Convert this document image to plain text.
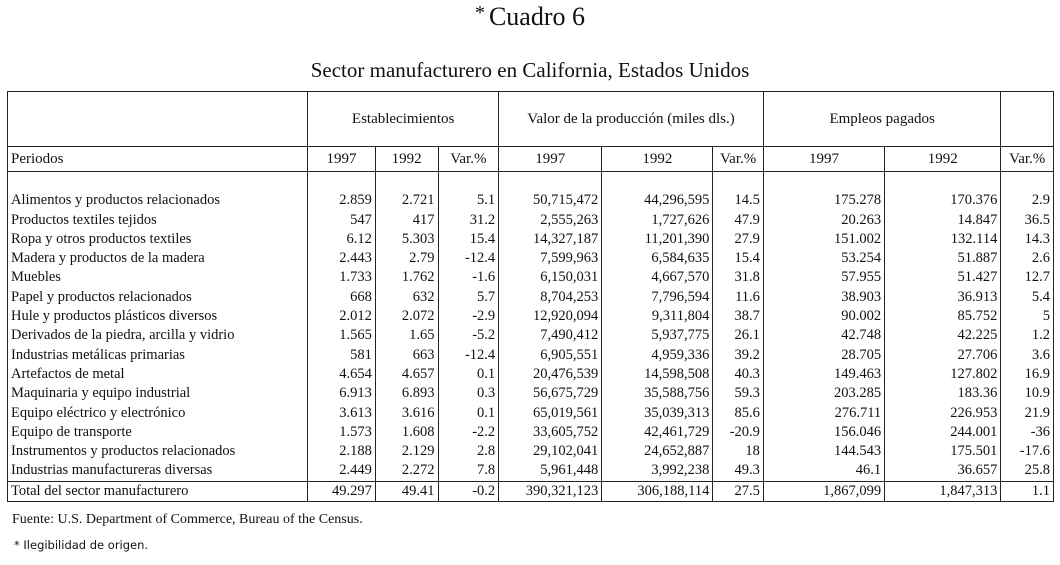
* Cuadro 6
Sector manufacturero en California, Estados Unidos
	Establecimientos			Valor de la producción (miles dls.)			Empleos pagados		
Periodos	1997	1992	Var.%	1997	1992	Var.%	1997	1992	Var.%

Alimentos y productos relacionados	2.859	2.721	5.1	50,715,472	44,296,595	14.5	175.278	170.376	2.9
Productos textiles tejidos	547	417	31.2	2,555,263	1,727,626	47.9	20.263	14.847	36.5
Ropa y otros productos textiles	6.12	5.303	15.4	14,327,187	11,201,390	27.9	151.002	132.114	14.3
Madera y productos de la madera	2.443	2.79	-12.4	7,599,963	6,584,635	15.4	53.254	51.887	2.6
Muebles	1.733	1.762	-1.6	6,150,031	4,667,570	31.8	57.955	51.427	12.7
Papel y productos relacionados	668	632	5.7	8,704,253	7,796,594	11.6	38.903	36.913	5.4
Hule y productos plásticos diversos	2.012	2.072	-2.9	12,920,094	9,311,804	38.7	90.002	85.752	5
Derivados de la piedra, arcilla y vidrio	1.565	1.65	-5.2	7,490,412	5,937,775	26.1	42.748	42.225	1.2
Industrias metálicas primarias	581	663	-12.4	6,905,551	4,959,336	39.2	28.705	27.706	3.6
Artefactos de metal	4.654	4.657	0.1	20,476,539	14,598,508	40.3	149.463	127.802	16.9
Maquinaria y equipo industrial	6.913	6.893	0.3	56,675,729	35,588,756	59.3	203.285	183.36	10.9
Equipo eléctrico y electrónico	3.613	3.616	0.1	65,019,561	35,039,313	85.6	276.711	226.953	21.9
Equipo de transporte	1.573	1.608	-2.2	33,605,752	42,461,729	-20.9	156.046	244.001	-36
Instrumentos y productos relacionados	2.188	2.129	2.8	29,102,041	24,652,887	18	144.543	175.501	-17.6
Industrias manufactureras diversas	2.449	2.272	7.8	5,961,448	3,992,238	49.3	46.1	36.657	25.8
Total del sector manufacturero	49.297	49.41	-0.2	390,321,123	306,188,114	27.5	1,867,099	1,847,313	1.1
Fuente: U.S. Department of Commerce, Bureau of the Census.
* Ilegibilidad de origen.
